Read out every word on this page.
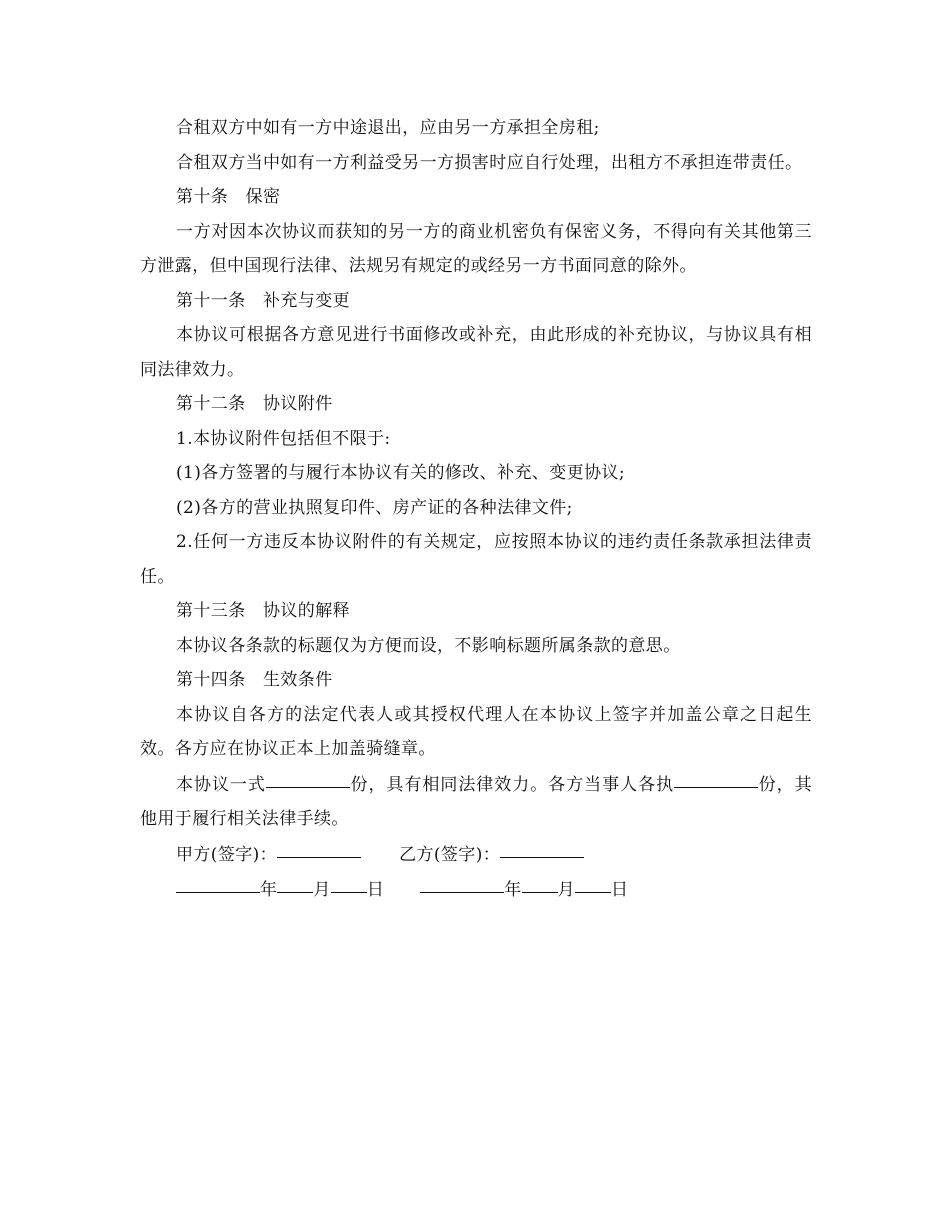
合租双方中如有一方中途退出，应由另一方承担全房租;

合租双方当中如有一方利益受另一方损害时应自行处理，出租方不承担连带责任。

第十条　保密

一方对因本次协议而获知的另一方的商业机密负有保密义务，不得向有关其他第三方泄露，但中国现行法律、法规另有规定的或经另一方书面同意的除外。

第十一条　补充与变更

本协议可根据各方意见进行书面修改或补充，由此形成的补充协议，与协议具有相同法律效力。

第十二条　协议附件

1.本协议附件包括但不限于:

(1)各方签署的与履行本协议有关的修改、补充、变更协议;

(2)各方的营业执照复印件、房产证的各种法律文件;

2.任何一方违反本协议附件的有关规定，应按照本协议的违约责任条款承担法律责任。

第十三条　协议的解释

本协议各条款的标题仅为方便而设，不影响标题所属条款的意思。

第十四条　生效条件

本协议自各方的法定代表人或其授权代理人在本协议上签字并加盖公章之日起生效。各方应在协议正本上加盖骑缝章。

本协议一式	份，具有相同法律效力。各方当事人各执	份，其他用于履行相关法律手续。

甲方(签字)：	乙方(签字)：

年 月 日	年 月 日
